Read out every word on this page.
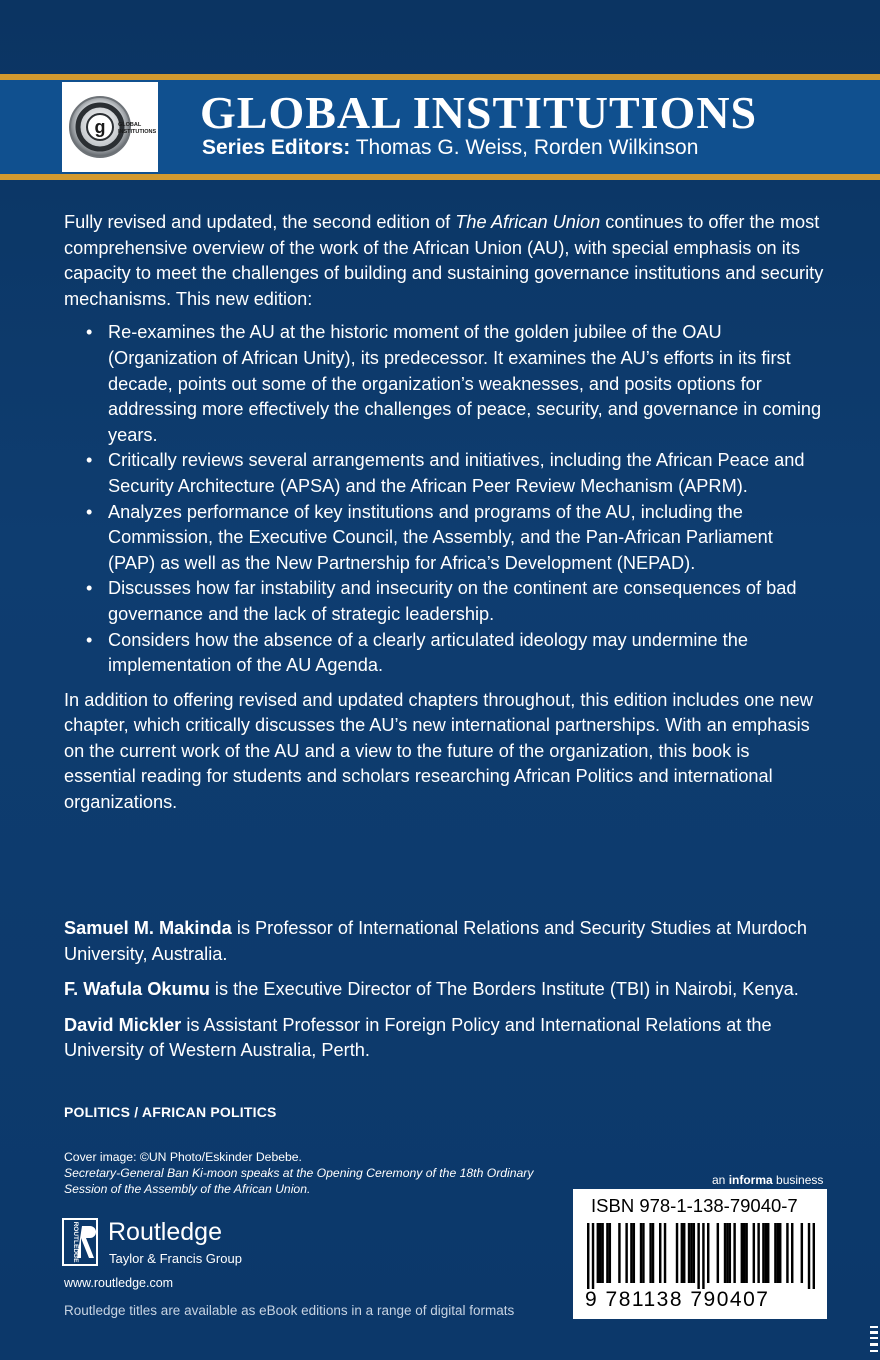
g GLOBAL
INSTITUTIONS GLOBAL INSTITUTIONS
Series Editors: Thomas G. Weiss, Rorden Wilkinson

Fully revised and updated, the second edition of The African Union continues to offer the most comprehensive overview of the work of the African Union (AU), with special emphasis on its capacity to meet the challenges of building and sustaining governance institutions and security mechanisms. This new edition:

• Re-examines the AU at the historic moment of the golden jubilee of the OAU (Organization of African Unity), its predecessor. It examines the AU’s efforts in its first decade, points out some of the organization’s weaknesses, and posits options for addressing more effectively the challenges of peace, security, and governance in coming years.
• Critically reviews several arrangements and initiatives, including the African Peace and Security Architecture (APSA) and the African Peer Review Mechanism (APRM).
• Analyzes performance of key institutions and programs of the AU, including the Commission, the Executive Council, the Assembly, and the Pan-African Parliament (PAP) as well as the New Partnership for Africa’s Development (NEPAD).
• Discusses how far instability and insecurity on the continent are consequences of bad governance and the lack of strategic leadership.
• Considers how the absence of a clearly articulated ideology may undermine the implementation of the AU Agenda.

In addition to offering revised and updated chapters throughout, this edition includes one new chapter, which critically discusses the AU’s new international partnerships. With an emphasis on the current work of the AU and a view to the future of the organization, this book is essential reading for students and scholars researching African Politics and international organizations.

Samuel M. Makinda is Professor of International Relations and Security Studies at Murdoch University, Australia.

F. Wafula Okumu is the Executive Director of The Borders Institute (TBI) in Nairobi, Kenya.

David Mickler is Assistant Professor in Foreign Policy and International Relations at the University of Western Australia, Perth.

POLITICS / AFRICAN POLITICS
Cover image: ©UN Photo/Eskinder Debebe.
Secretary-General Ban Ki-moon speaks at the Opening Ceremony of the 18th Ordinary Session of the Assembly of the African Union.
ROUTLEDGE Routledge
Taylor & Francis Group
www.routledge.com
Routledge titles are available as eBook editions in a range of digital formats
an informa business
ISBN 978-1-138-79040-7
9 781138 790407
